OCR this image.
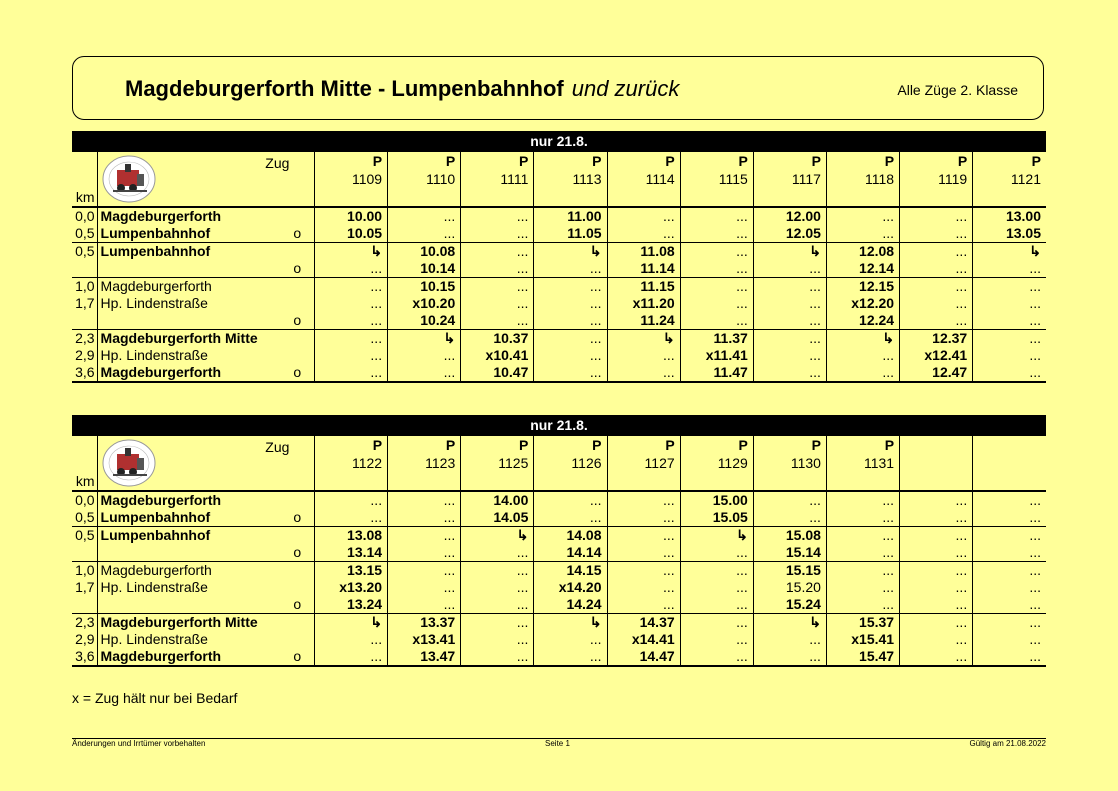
Magdeburgerforth Mitte - Lumpenbahnhof und zurück	Alle Züge 2. Klasse
nur 21.8.												

	Zug		P	P	P	P	P	P	P	P	P	P
			1109	1110	1111	1113	1114	1115	1117	1118	1119	1121
km												
0,0	Magdeburgerforth		10.00	...	...	11.00	...	...	12.00	...	...	13.00
0,5	Lumpenbahnhof	o	10.05	...	...	11.05	...	...	12.05	...	...	13.05
0,5	Lumpenbahnhof		↳	10.08	...	↳	11.08	...	↳	12.08	...	↳
		o	...	10.14	...	...	11.14	...	...	12.14	...	...
1,0	Magdeburgerforth		...	10.15	...	...	11.15	...	...	12.15	...	...
1,7	Hp. Lindenstraße		...	x10.20	...	...	x11.20	...	...	x12.20	...	...
		o	...	10.24	...	...	11.24	...	...	12.24	...	...
2,3	Magdeburgerforth Mitte		...	↳	10.37	...	↳	11.37	...	↳	12.37	...
2,9	Hp. Lindenstraße		...	...	x10.41	...	...	x11.41	...	...	x12.41	...
3,6	Magdeburgerforth	o	...	...	10.47	...	...	11.47	...	...	12.47	...
nur 21.8.												

	Zug		P	P	P	P	P	P	P	P		
			1122	1123	1125	1126	1127	1129	1130	1131		
km												
0,0	Magdeburgerforth		...	...	14.00	...	...	15.00	...	...	...	...
0,5	Lumpenbahnhof	o	...	...	14.05	...	...	15.05	...	...	...	...
0,5	Lumpenbahnhof		13.08	...	↳	14.08	...	↳	15.08	...	...	...
		o	13.14	...	...	14.14	...	...	15.14	...	...	...
1,0	Magdeburgerforth		13.15	...	...	14.15	...	...	15.15	...	...	...
1,7	Hp. Lindenstraße		x13.20	...	...	x14.20	...	...	15.20	...	...	...
		o	13.24	...	...	14.24	...	...	15.24	...	...	...
2,3	Magdeburgerforth Mitte		↳	13.37	...	↳	14.37	...	↳	15.37	...	...
2,9	Hp. Lindenstraße		...	x13.41	...	...	x14.41	...	...	x15.41	...	...
3,6	Magdeburgerforth	o	...	13.47	...	...	14.47	...	...	15.47	...	...
x = Zug hält nur bei Bedarf
Änderungen und Irrtümer vorbehalten	Seite 1	Gültig am 21.08.2022
